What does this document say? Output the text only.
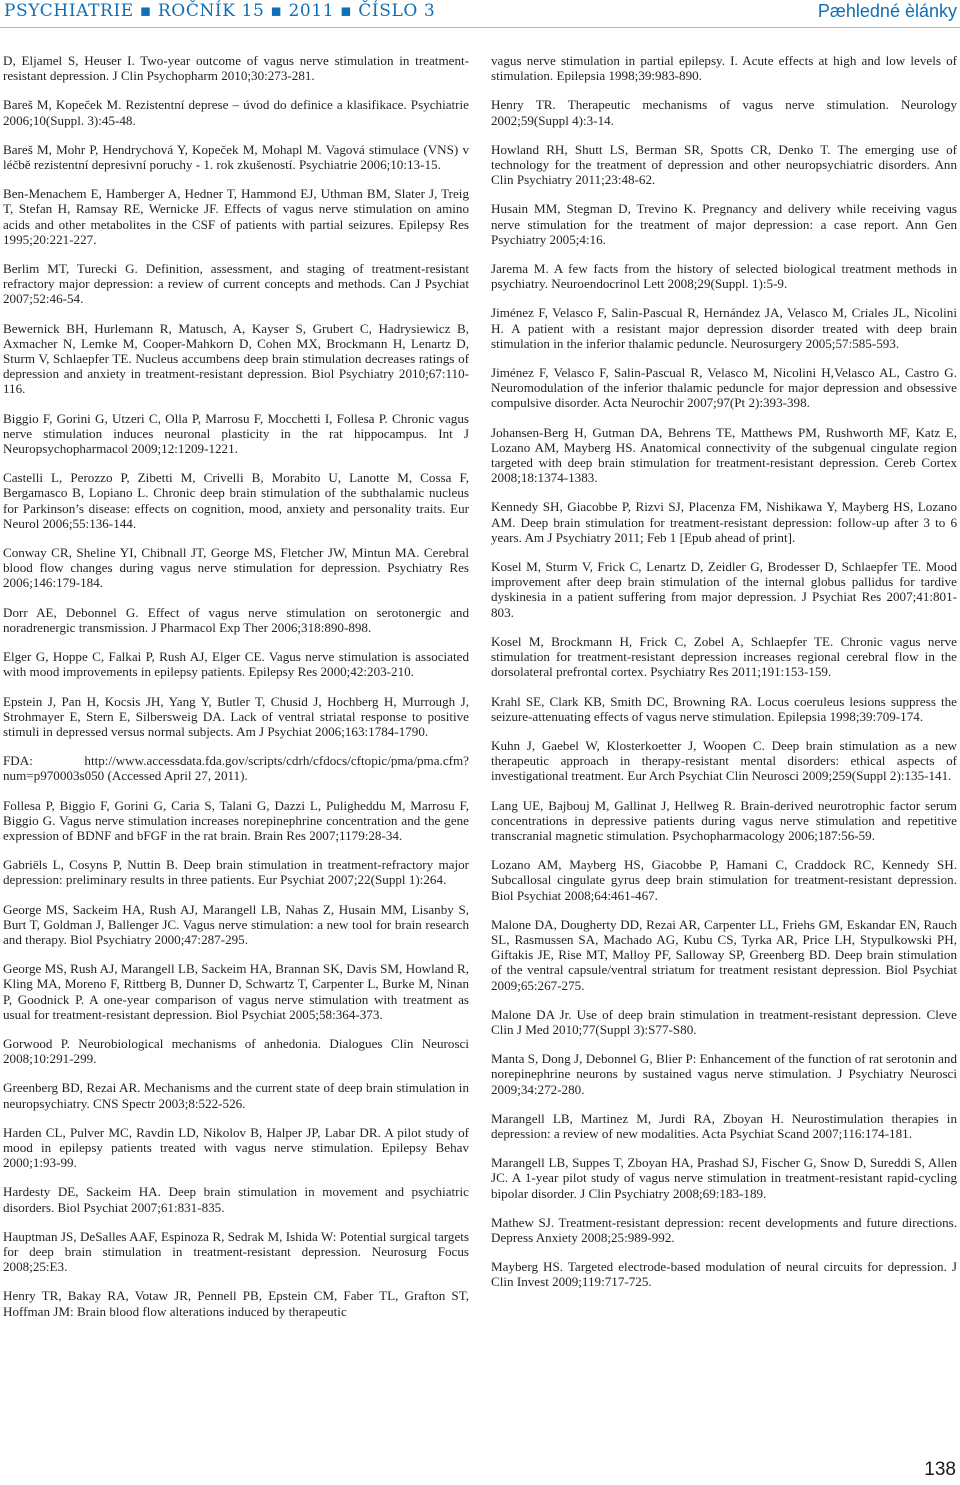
PSYCHIATRIE ▪ ROČNÍK 15 ▪ 2011 ▪ ČÍSLO 3	Pæhledné èlánky

D, Eljamel S, Heuser I. Two-year outcome of vagus nerve stimulation in treatment-resistant depression. J Clin Psychopharm 2010;30:273-281.

Bareš M, Kopeček M. Rezistentní deprese – úvod do definice a klasifikace. Psychiatrie 2006;10(Suppl. 3):45-48.

Bareš M, Mohr P, Hendrychová Y, Kopeček M, Mohapl M. Vagová stimulace (VNS) v léčbě rezistentní depresivní poruchy - 1. rok zkušeností. Psychiatrie 2006;10:13-15.

Ben-Menachem E, Hamberger A, Hedner T, Hammond EJ, Uthman BM, Slater J, Treig T, Stefan H, Ramsay RE, Wernicke JF. Effects of vagus nerve stimulation on amino acids and other metabolites in the CSF of patients with partial seizures. Epilepsy Res 1995;20:221-227.

Berlim MT, Turecki G. Definition, assessment, and staging of treatment-resistant refractory major depression: a review of current concepts and methods. Can J Psychiat 2007;52:46-54.

Bewernick BH, Hurlemann R, Matusch, A, Kayser S, Grubert C, Hadrysiewicz B, Axmacher N, Lemke M, Cooper-Mahkorn D, Cohen MX, Brockmann H, Lenartz D, Sturm V, Schlaepfer TE. Nucleus accumbens deep brain stimulation decreases ratings of depression and anxiety in treatment-resistant depression. Biol Psychiatry 2010;67:110-116.

Biggio F, Gorini G, Utzeri C, Olla P, Marrosu F, Mocchetti I, Follesa P. Chronic vagus nerve stimulation induces neuronal plasticity in the rat hippocampus. Int J Neuropsychopharmacol 2009;12:1209-1221.

Castelli L, Perozzo P, Zibetti M, Crivelli B, Morabito U, Lanotte M, Cossa F, Bergamasco B, Lopiano L. Chronic deep brain stimulation of the subthalamic nucleus for Parkinson’s disease: effects on cognition, mood, anxiety and personality traits. Eur Neurol 2006;55:136-144.

Conway CR, Sheline YI, Chibnall JT, George MS, Fletcher JW, Mintun MA. Cerebral blood flow changes during vagus nerve stimulation for depression. Psychiatry Res 2006;146:179-184.

Dorr AE, Debonnel G. Effect of vagus nerve stimulation on serotonergic and noradrenergic transmission. J Pharmacol Exp Ther 2006;318:890-898.

Elger G, Hoppe C, Falkai P, Rush AJ, Elger CE. Vagus nerve stimulation is associated with mood improvements in epilepsy patients. Epilepsy Res 2000;42:203-210.

Epstein J, Pan H, Kocsis JH, Yang Y, Butler T, Chusid J, Hochberg H, Murrough J, Strohmayer E, Stern E, Silbersweig DA. Lack of ventral striatal response to positive stimuli in depressed versus normal subjects. Am J Psychiat 2006;163:1784-1790.

FDA: http://www.accessdata.fda.gov/scripts/cdrh/cfdocs/cftopic/pma/pma.cfm?num=p970003s050 (Accessed April 27, 2011).

Follesa P, Biggio F, Gorini G, Caria S, Talani G, Dazzi L, Puligheddu M, Marrosu F, Biggio G. Vagus nerve stimulation increases norepinephrine concentration and the gene expression of BDNF and bFGF in the rat brain. Brain Res 2007;1179:28-34.

Gabriëls L, Cosyns P, Nuttin B. Deep brain stimulation in treatment-refractory major depression: preliminary results in three patients. Eur Psychiat 2007;22(Suppl 1):264.

George MS, Sackeim HA, Rush AJ, Marangell LB, Nahas Z, Husain MM, Lisanby S, Burt T, Goldman J, Ballenger JC. Vagus nerve stimulation: a new tool for brain research and therapy. Biol Psychiatry 2000;47:287-295.

George MS, Rush AJ, Marangell LB, Sackeim HA, Brannan SK, Davis SM, Howland R, Kling MA, Moreno F, Rittberg B, Dunner D, Schwartz T, Carpenter L, Burke M, Ninan P, Goodnick P. A one-year comparison of vagus nerve stimulation with treatment as usual for treatment-resistant depression. Biol Psychiat 2005;58:364-373.

Gorwood P. Neurobiological mechanisms of anhedonia. Dialogues Clin Neurosci 2008;10:291-299.

Greenberg BD, Rezai AR. Mechanisms and the current state of deep brain stimulation in neuropsychiatry. CNS Spectr 2003;8:522-526.

Harden CL, Pulver MC, Ravdin LD, Nikolov B, Halper JP, Labar DR. A pilot study of mood in epilepsy patients treated with vagus nerve stimulation. Epilepsy Behav 2000;1:93-99.

Hardesty DE, Sackeim HA. Deep brain stimulation in movement and psychiatric disorders. Biol Psychiat 2007;61:831-835.

Hauptman JS, DeSalles AAF, Espinoza R, Sedrak M, Ishida W: Potential surgical targets for deep brain stimulation in treatment-resistant depression. Neurosurg Focus 2008;25:E3.

Henry TR, Bakay RA, Votaw JR, Pennell PB, Epstein CM, Faber TL, Grafton ST, Hoffman JM: Brain blood flow alterations induced by therapeutic

vagus nerve stimulation in partial epilepsy. I. Acute effects at high and low levels of stimulation. Epilepsia 1998;39:983-890.

Henry TR. Therapeutic mechanisms of vagus nerve stimulation. Neurology 2002;59(Suppl 4):3-14.

Howland RH, Shutt LS, Berman SR, Spotts CR, Denko T. The emerging use of technology for the treatment of depression and other neuropsychiatric disorders. Ann Clin Psychiatry 2011;23:48-62.

Husain MM, Stegman D, Trevino K. Pregnancy and delivery while receiving vagus nerve stimulation for the treatment of major depression: a case report. Ann Gen Psychiatry 2005;4:16.

Jarema M. A few facts from the history of selected biological treatment methods in psychiatry. Neuroendocrinol Lett 2008;29(Suppl. 1):5-9.

Jiménez F, Velasco F, Salin-Pascual R, Hernández JA, Velasco M, Criales JL, Nicolini H. A patient with a resistant major depression disorder treated with deep brain stimulation in the inferior thalamic peduncle. Neurosurgery 2005;57:585-593.

Jiménez F, Velasco F, Salin-Pascual R, Velasco M, Nicolini H,Velasco AL, Castro G. Neuromodulation of the inferior thalamic peduncle for major depression and obsessive compulsive disorder. Acta Neurochir 2007;97(Pt 2):393-398.

Johansen-Berg H, Gutman DA, Behrens TE, Matthews PM, Rushworth MF, Katz E, Lozano AM, Mayberg HS. Anatomical connectivity of the subgenual cingulate region targeted with deep brain stimulation for treatment-resistant depression. Cereb Cortex 2008;18:1374-1383.

Kennedy SH, Giacobbe P, Rizvi SJ, Placenza FM, Nishikawa Y, Mayberg HS, Lozano AM. Deep brain stimulation for treatment-resistant depression: follow-up after 3 to 6 years. Am J Psychiatry 2011; Feb 1 [Epub ahead of print].

Kosel M, Sturm V, Frick C, Lenartz D, Zeidler G, Brodesser D, Schlaepfer TE. Mood improvement after deep brain stimulation of the internal globus pallidus for tardive dyskinesia in a patient suffering from major depression. J Psychiat Res 2007;41:801-803.

Kosel M, Brockmann H, Frick C, Zobel A, Schlaepfer TE. Chronic vagus nerve stimulation for treatment-resistant depression increases regional cerebral flow in the dorsolateral prefrontal cortex. Psychiatry Res 2011;191:153-159.

Krahl SE, Clark KB, Smith DC, Browning RA. Locus coeruleus lesions suppress the seizure-attenuating effects of vagus nerve stimulation. Epilepsia 1998;39:709-174.

Kuhn J, Gaebel W, Klosterkoetter J, Woopen C. Deep brain stimulation as a new therapeutic approach in therapy-resistant mental disorders: ethical aspects of investigational treatment. Eur Arch Psychiat Clin Neurosci 2009;259(Suppl 2):135-141.

Lang UE, Bajbouj M, Gallinat J, Hellweg R. Brain-derived neurotrophic factor serum concentrations in depressive patients during vagus nerve stimulation and repetitive transcranial magnetic stimulation. Psychopharmacology 2006;187:56-59.

Lozano AM, Mayberg HS, Giacobbe P, Hamani C, Craddock RC, Kennedy SH. Subcallosal cingulate gyrus deep brain stimulation for treatment-resistant depression. Biol Psychiat 2008;64:461-467.

Malone DA, Dougherty DD, Rezai AR, Carpenter LL, Friehs GM, Eskandar EN, Rauch SL, Rasmussen SA, Machado AG, Kubu CS, Tyrka AR, Price LH, Stypulkowski PH, Giftakis JE, Rise MT, Malloy PF, Salloway SP, Greenberg BD. Deep brain stimulation of the ventral capsule/ventral striatum for treatment resistant depression. Biol Psychiat 2009;65:267-275.

Malone DA Jr. Use of deep brain stimulation in treatment-resistant depression. Cleve Clin J Med 2010;77(Suppl 3):S77-S80.

Manta S, Dong J, Debonnel G, Blier P: Enhancement of the function of rat serotonin and norepinephrine neurons by sustained vagus nerve stimulation. J Psychiatry Neurosci 2009;34:272-280.

Marangell LB, Martinez M, Jurdi RA, Zboyan H. Neurostimulation therapies in depression: a review of new modalities. Acta Psychiat Scand 2007;116:174-181.

Marangell LB, Suppes T, Zboyan HA, Prashad SJ, Fischer G, Snow D, Sureddi S, Allen JC. A 1-year pilot study of vagus nerve stimulation in treatment-resistant rapid-cycling bipolar disorder. J Clin Psychiatry 2008;69:183-189.

Mathew SJ. Treatment-resistant depression: recent developments and future directions. Depress Anxiety 2008;25:989-992.

Mayberg HS. Targeted electrode-based modulation of neural circuits for depression. J Clin Invest 2009;119:717-725.

138
